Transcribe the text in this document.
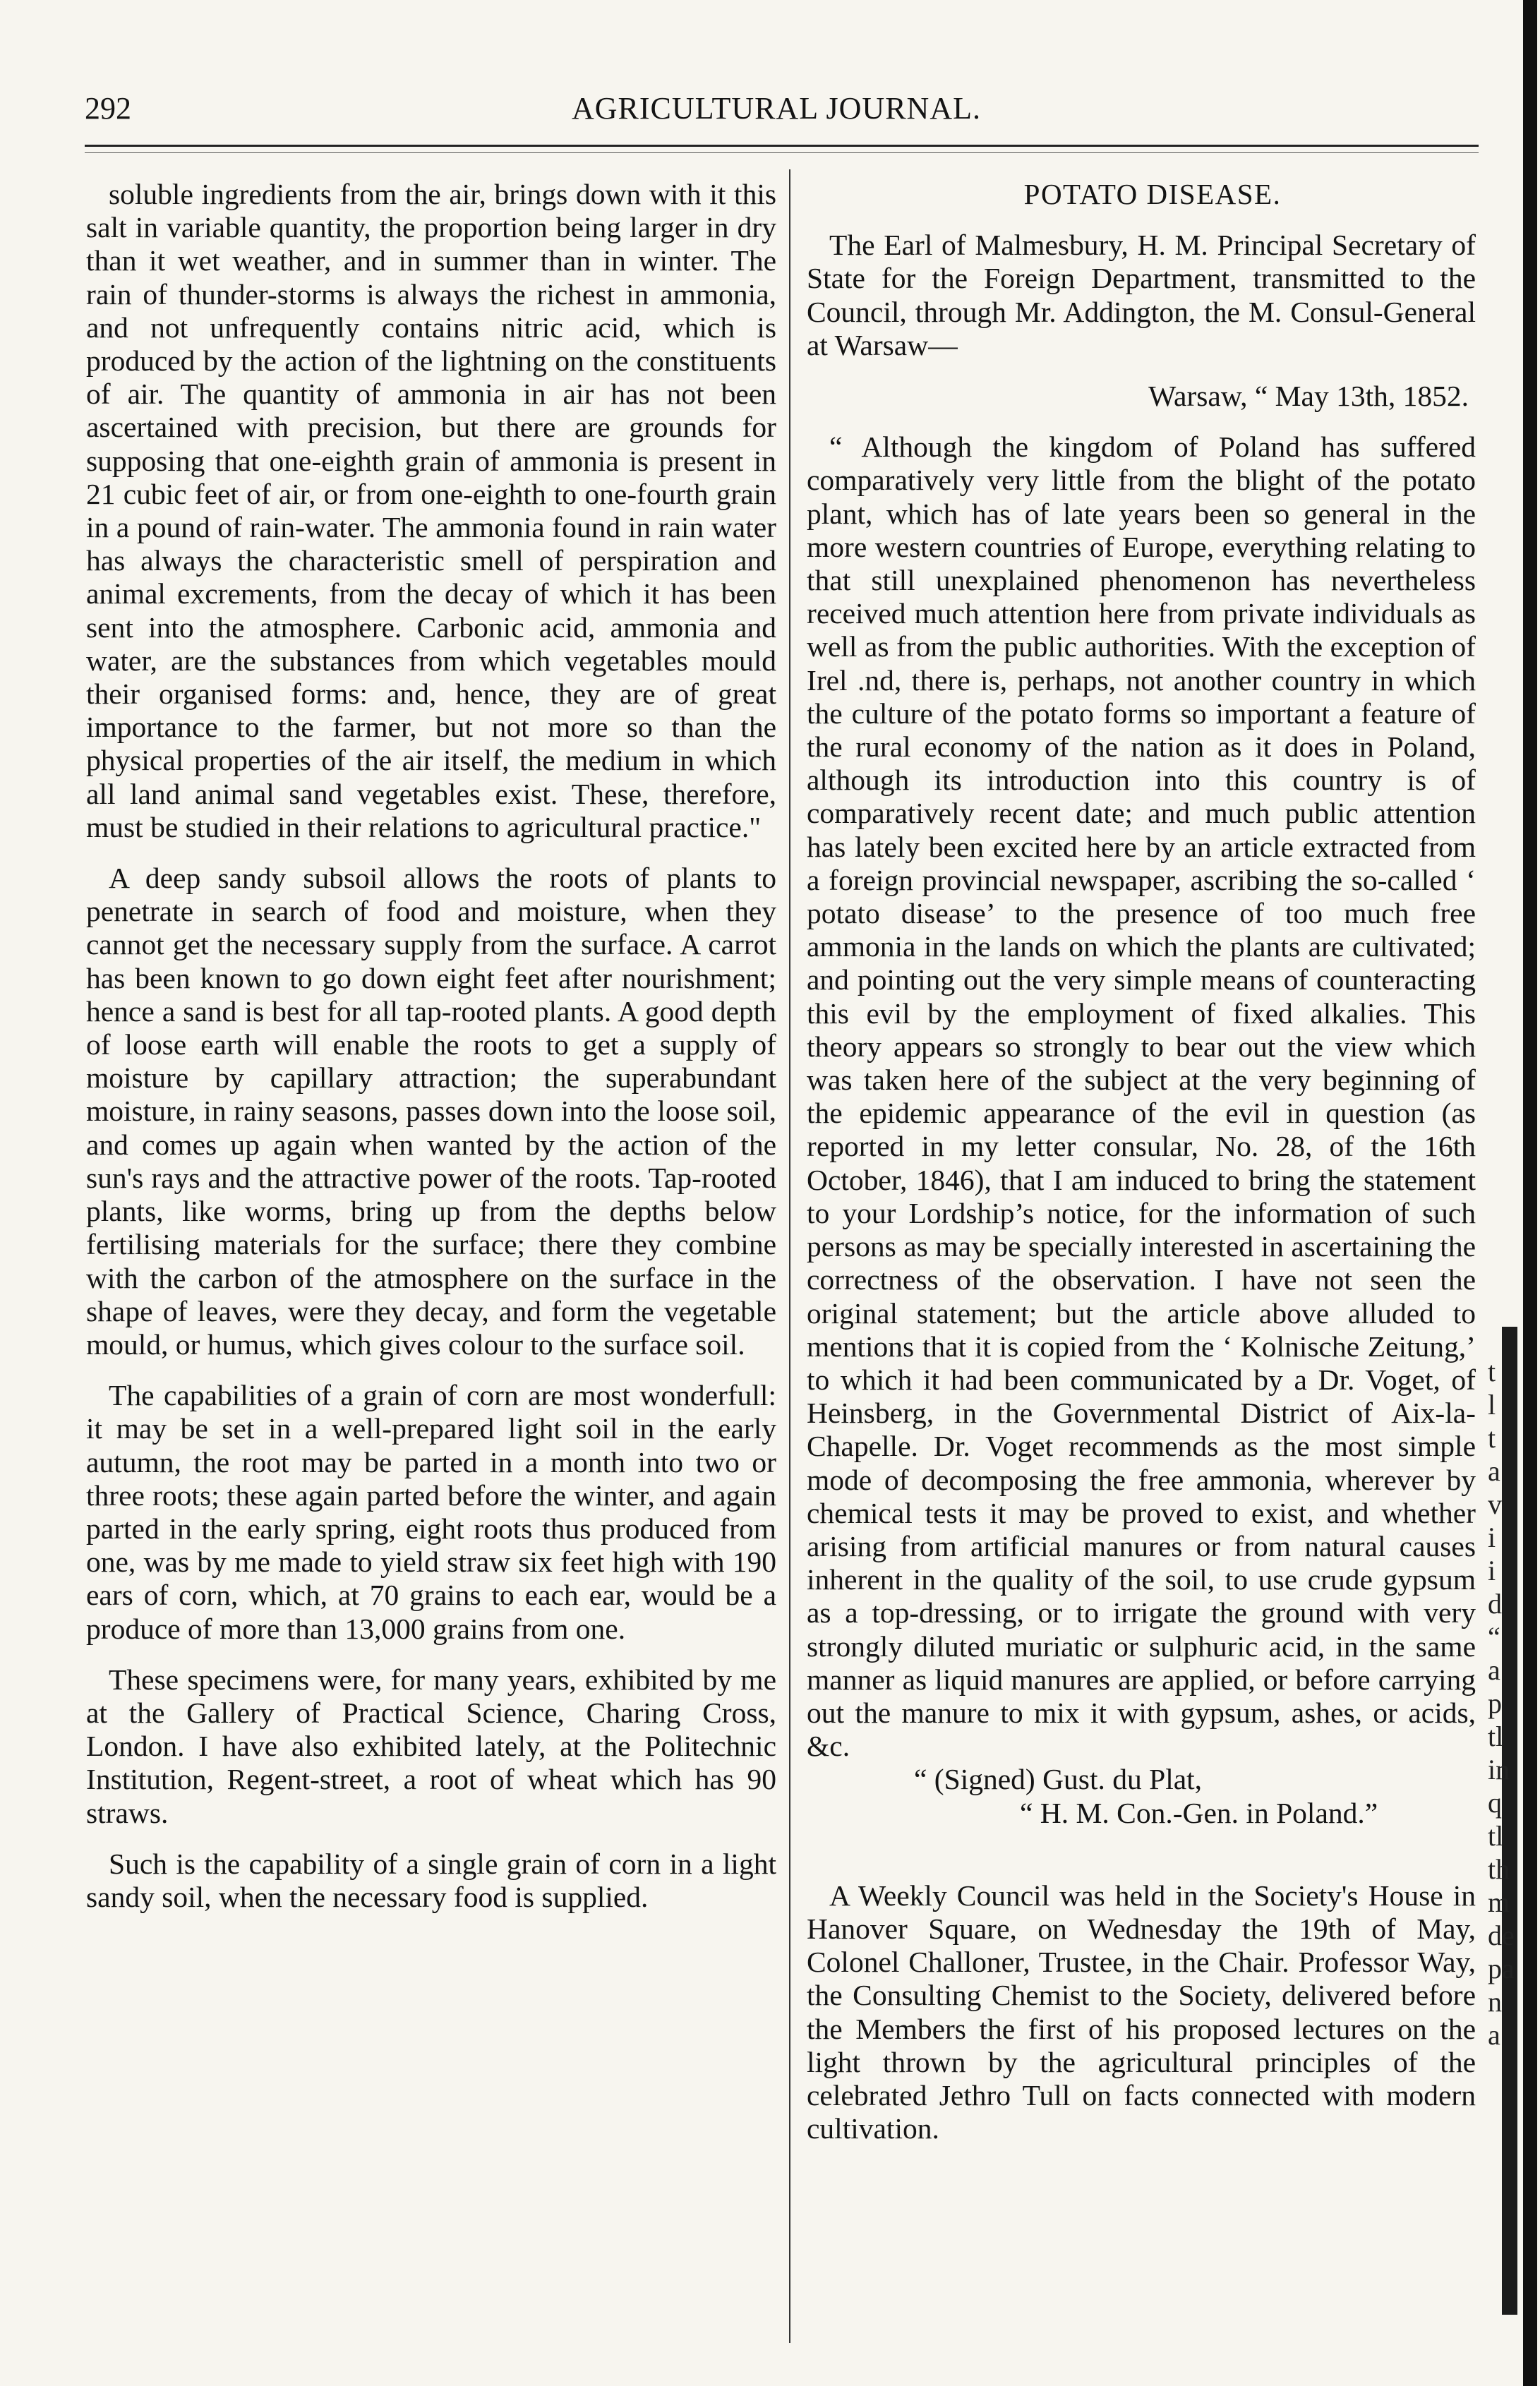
292	AGRICULTURAL JOURNAL.

soluble ingredients from the air, brings down with it this salt in variable quantity, the proportion being larger in dry than it wet weather, and in summer than in winter. The rain of thunder-storms is always the richest in ammonia, and not unfrequently contains nitric acid, which is produced by the action of the lightning on the constituents of air. The quantity of ammonia in air has not been ascertained with precision, but there are grounds for supposing that one-eighth grain of ammonia is present in 21 cubic feet of air, or from one-eighth to one-fourth grain in a pound of rain-water. The ammonia found in rain water has always the characteristic smell of perspiration and animal excrements, from the decay of which it has been sent into the atmosphere. Carbonic acid, ammonia and water, are the substances from which vegetables mould their organised forms: and, hence, they are of great importance to the farmer, but not more so than the physical properties of the air itself, the medium in which all land animal sand vegetables exist. These, therefore, must be studied in their relations to agricultural practice."

A deep sandy subsoil allows the roots of plants to penetrate in search of food and moisture, when they cannot get the necessary supply from the surface. A carrot has been known to go down eight feet after nourishment; hence a sand is best for all tap-rooted plants. A good depth of loose earth will enable the roots to get a supply of moisture by capillary attraction; the superabundant moisture, in rainy seasons, passes down into the loose soil, and comes up again when wanted by the action of the sun's rays and the attractive power of the roots. Tap-rooted plants, like worms, bring up from the depths below fertilising materials for the surface; there they combine with the carbon of the atmosphere on the surface in the shape of leaves, were they decay, and form the vegetable mould, or humus, which gives colour to the surface soil.

The capabilities of a grain of corn are most wonderfull: it may be set in a well-prepared light soil in the early autumn, the root may be parted in a month into two or three roots; these again parted before the winter, and again parted in the early spring, eight roots thus produced from one, was by me made to yield straw six feet high with 190 ears of corn, which, at 70 grains to each ear, would be a produce of more than 13,000 grains from one.

These specimens were, for many years, exhibited by me at the Gallery of Practical Science, Charing Cross, London. I have also exhibited lately, at the Politechnic Institution, Regent-street, a root of wheat which has 90 straws.

Such is the capability of a single grain of corn in a light sandy soil, when the necessary food is supplied.

POTATO DISEASE.

The Earl of Malmesbury, H. M. Principal Secretary of State for the Foreign Department, transmitted to the Council, through Mr. Addington, the M. Consul-General at Warsaw—

Warsaw, “ May 13th, 1852.

“ Although the kingdom of Poland has suffered comparatively very little from the blight of the potato plant, which has of late years been so general in the more western countries of Europe, everything relating to that still unexplained phenomenon has nevertheless received much attention here from private individuals as well as from the public authorities. With the exception of Irel .nd, there is, perhaps, not another country in which the culture of the potato forms so important a feature of the rural economy of the nation as it does in Poland, although its introduction into this country is of comparatively recent date; and much public attention has lately been excited here by an article extracted from a foreign provincial newspaper, ascribing the so-called ‘ potato disease’ to the presence of too much free ammonia in the lands on which the plants are cultivated; and pointing out the very simple means of counteracting this evil by the employment of fixed alkalies. This theory appears so strongly to bear out the view which was taken here of the subject at the very beginning of the epidemic appearance of the evil in question (as reported in my letter consular, No. 28, of the 16th October, 1846), that I am induced to bring the statement to your Lordship’s notice, for the information of such persons as may be specially interested in ascertaining the correctness of the observation. I have not seen the original statement; but the article above alluded to mentions that it is copied from the ‘ Kolnische Zeitung,’ to which it had been communicated by a Dr. Voget, of Heinsberg, in the Governmental District of Aix-la-Chapelle. Dr. Voget recommends as the most simple mode of decomposing the free ammonia, wherever by chemical tests it may be proved to exist, and whether arising from artificial manures or from natural causes inherent in the quality of the soil, to use crude gypsum as a top-dressing, or to irrigate the ground with very strongly diluted muriatic or sulphuric acid, in the same manner as liquid manures are applied, or before carrying out the manure to mix it with gypsum, ashes, or acids, &c.

“ (Signed) Gust. du Plat,

“ H. M. Con.-Gen. in Poland.”

A Weekly Council was held in the Society's House in Hanover Square, on Wednesday the 19th of May, Colonel Challoner, Trustee, in the Chair. Professor Way, the Consulting Chemist to the Society, delivered before the Members the first of his proposed lectures on the light thrown by the agricultural principles of the celebrated Jethro Tull on facts connected with modern cultivation.

t
l
t
a
v
i
i
d
“
a
p
tl
in
q
tl
th
m
de
pa
n
a
